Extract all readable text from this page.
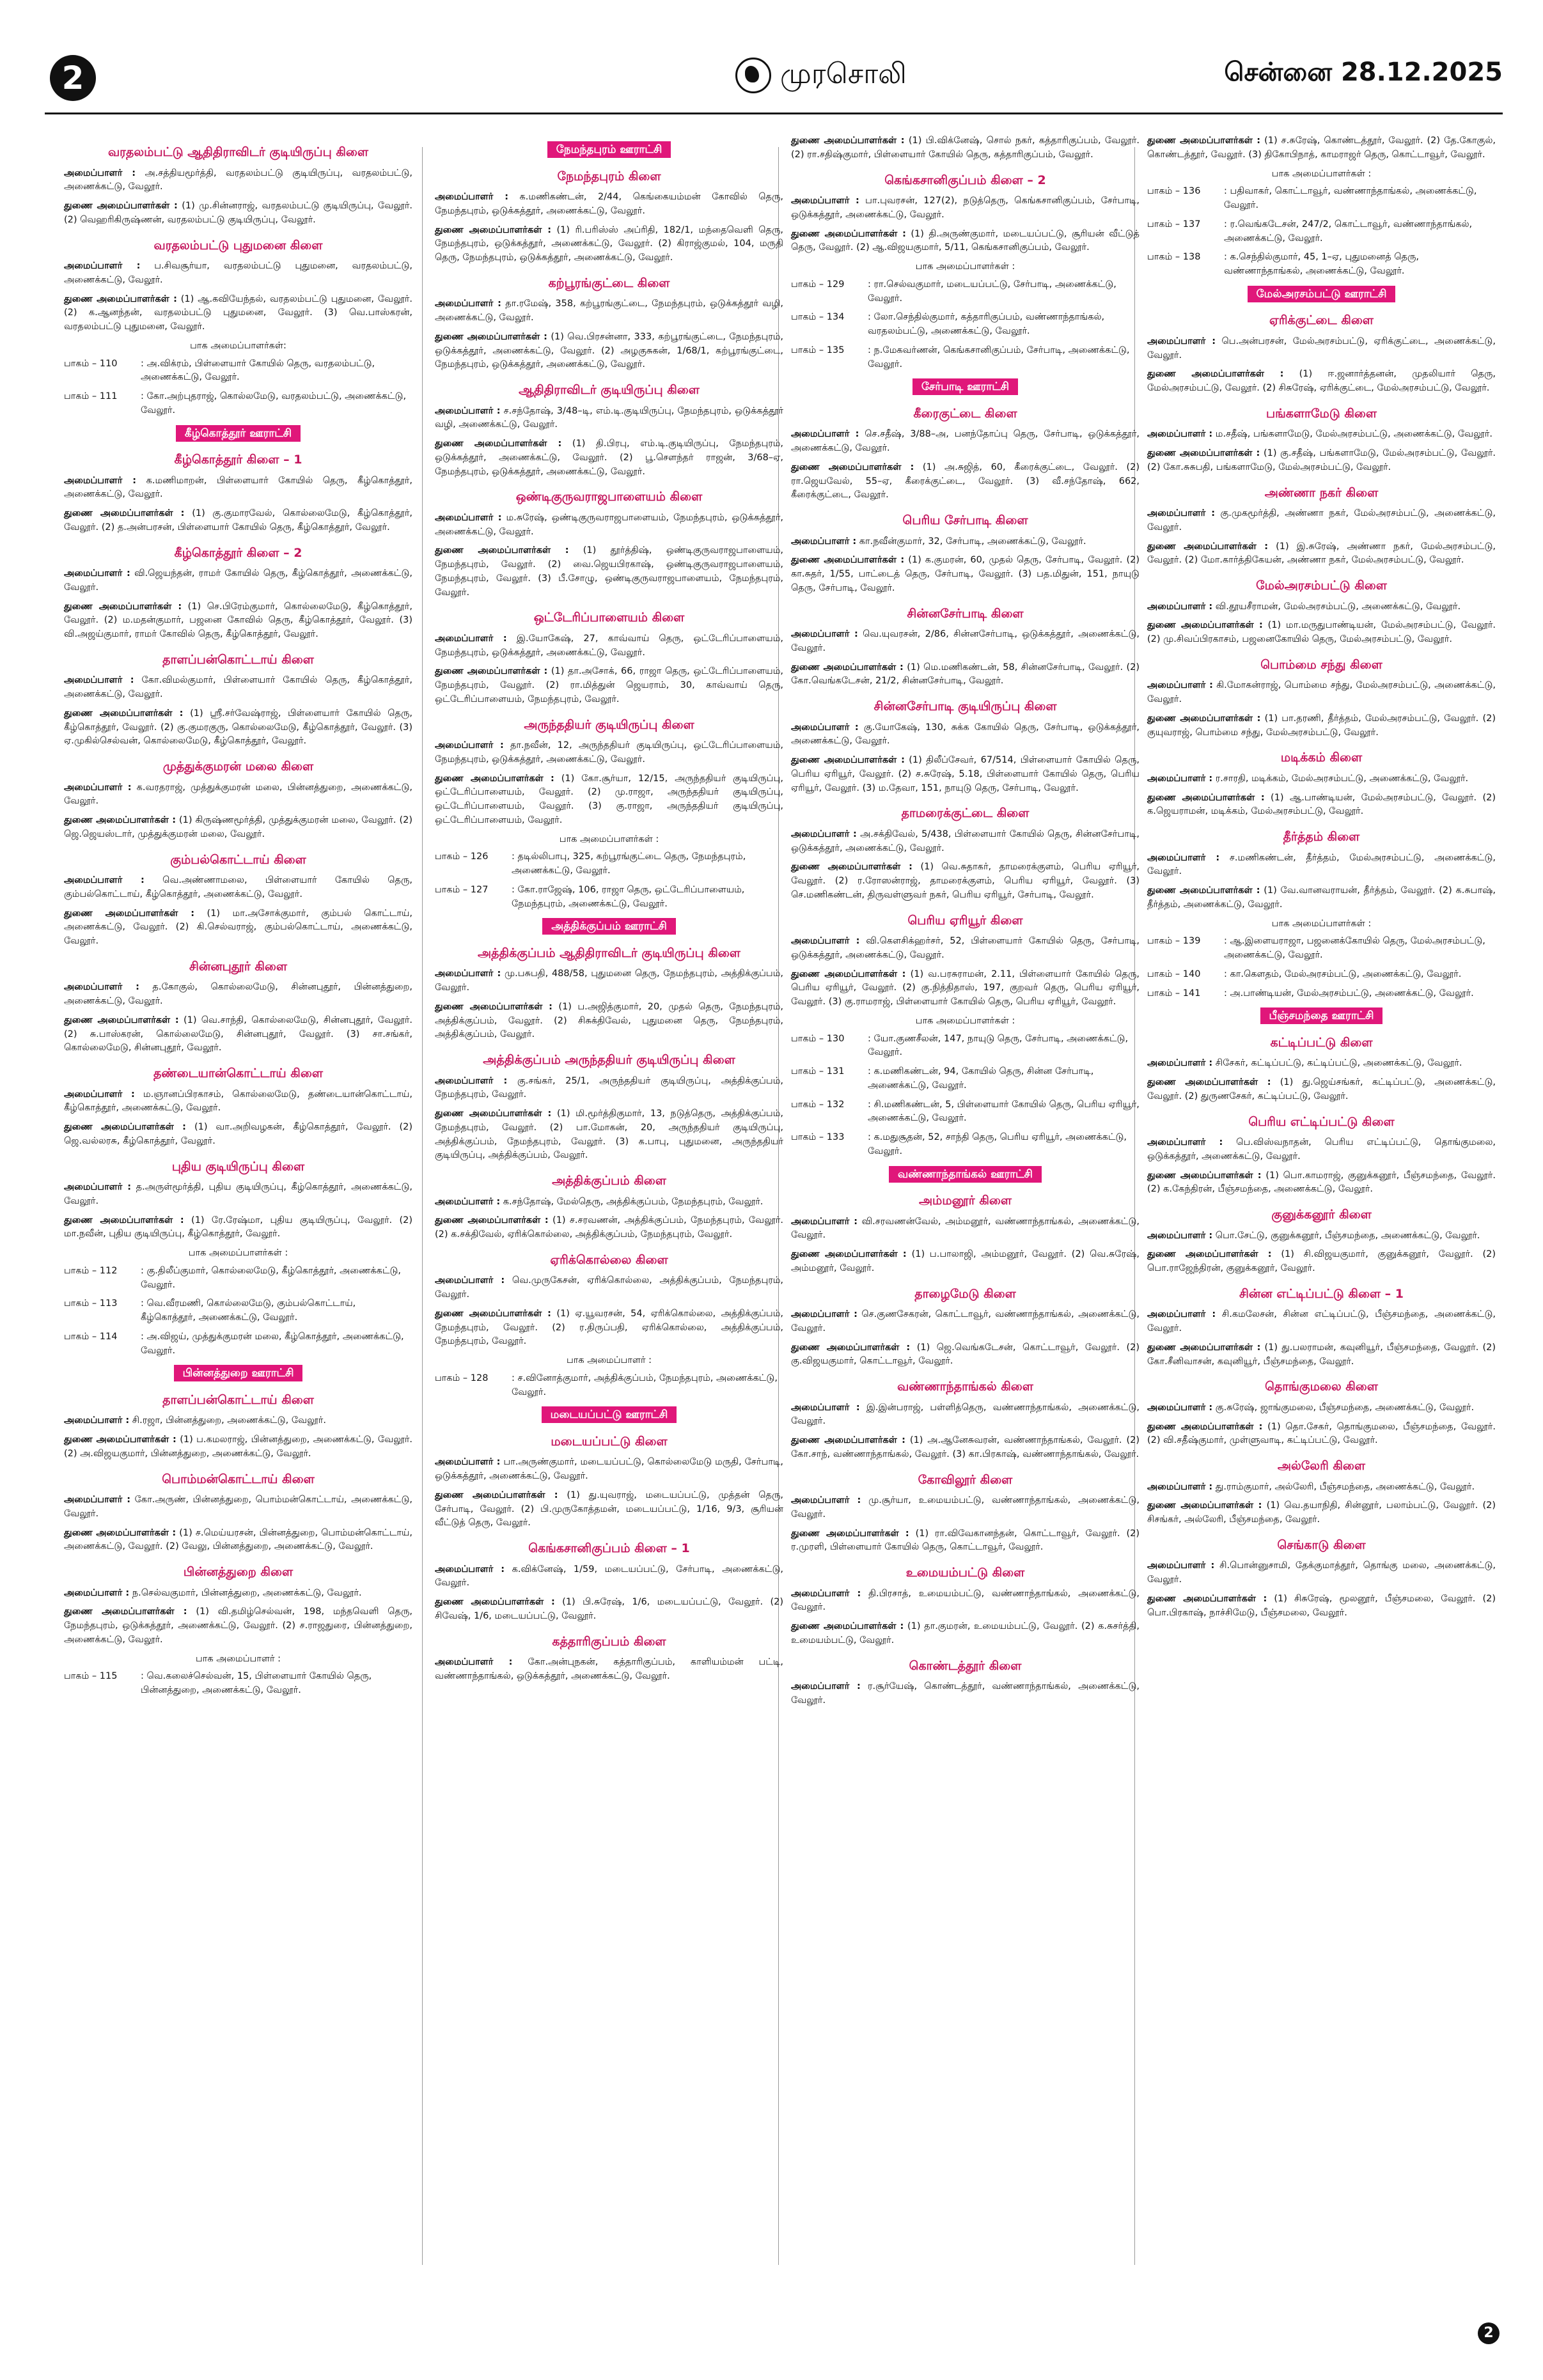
2	முரசொலி	சென்னை 28.12.2025
வரதலம்பட்டு ஆதிதிராவிடர் குடியிருப்பு கிளை
அமைப்பாளர் : அ.சத்தியமூர்த்தி, வரதலம்பட்டு குடியிருப்பு, வரதலம்பட்டு, அணைக்கட்டு, வேலூர்.
துணை அமைப்பாளர்கள் : (1) மு.சின்னராஜ், வரதலம்பட்டு குடியிருப்பு, வேலூர். (2) வெஹரிகிருஷ்ணன், வரதலம்பட்டு குடியிருப்பு, வேலூர்.
வரதலம்பட்டு புதுமனை கிளை
அமைப்பாளர் : ப.சிவசூர்யா, வரதலம்பட்டு புதுமனை, வரதலம்பட்டு, அணைக்கட்டு, வேலூர்.
துணை அமைப்பாளர்கள் : (1) ஆ.கவியேந்தல், வரதலம்பட்டு புதுமனை, வேலூர். (2) க.ஆனந்தன், வரதலம்பட்டு புதுமனை, வேலூர். (3) வெ.பாஸ்கரன், வரதலம்பட்டு புதுமனை, வேலூர்.
பாக அமைப்பாளர்கள்:
பாகம் – 110	: அ.விக்ரம், பிள்ளையார் கோயில் தெரு, வரதலம்பட்டு, அணைக்கட்டு, வேலூர்.
பாகம் – 111	: கோ.அற்புதராஜ், கொல்லமேடு, வரதலம்பட்டு, அணைக்கட்டு, வேலூர்.
கீழ்கொத்தூர் ஊராட்சி
கீழ்கொத்தூர் கிளை – 1
அமைப்பாளர் : க.மணிமாறன், பிள்ளையார் கோயில் தெரு, கீழ்கொத்தூர், அணைக்கட்டு, வேலூர்.
துணை அமைப்பாளர்கள் : (1) கு.குமாரவேல், கொல்லைமேடு, கீழ்கொத்தூர், வேலூர். (2) த.அன்பரசன், பிள்ளையார் கோயில் தெரு, கீழ்கொத்தூர், வேலூர்.
கீழ்கொத்தூர் கிளை – 2
அமைப்பாளர் : வி.ஜெயந்தன், ராமர் கோயில் தெரு, கீழ்கொத்தூர், அணைக்கட்டு, வேலூர்.
துணை அமைப்பாளர்கள் : (1) செ.பிரேம்குமார், கொல்லைமேடு, கீழ்கொத்தூர், வேலூர். (2) ம.மதன்குமார், பஜனை கோவில் தெரு, கீழ்கொத்தூர், வேலூர். (3) வி.அஜய்குமார், ராமர் கோவில் தெரு, கீழ்கொத்தூர், வேலூர்.
தாளப்பன்கொட்டாய் கிளை
அமைப்பாளர் : கோ.விமல்குமார், பிள்ளையார் கோயில் தெரு, கீழ்கொத்தூர், அணைக்கட்டு, வேலூர்.
துணை அமைப்பாளர்கள் : (1) ஸ்ரீ.சர்வேஷ்ராஜ், பிள்ளையார் கோயில் தெரு, கீழ்கொத்தூர், வேலூர். (2) கு.குமரகுரு, கொல்லைமேடு, கீழ்கொத்தூர், வேலூர். (3) ஏ.முகில்செல்வன், கொல்லைமேடு, கீழ்கொத்தூர், வேலூர்.
முத்துக்குமரன் மலை கிளை
அமைப்பாளர் : க.வரதராஜ், முத்துக்குமரன் மலை, பின்னத்துறை, அணைக்கட்டு, வேலூர்.
துணை அமைப்பாளர்கள் : (1) கிருஷ்ணமூர்த்தி, முத்துக்குமரன் மலை, வேலூர். (2) ஜெ.ஜெயஸ்டார், முத்துக்குமரன் மலை, வேலூர்.
கும்பல்கொட்டாய் கிளை
அமைப்பாளர் : வெ.அண்ணாமலை, பிள்ளையார் கோயில் தெரு, கும்பல்கொட்டாய், கீழ்கொத்தூர், அணைக்கட்டு, வேலூர்.
துணை அமைப்பாளர்கள் : (1) மா.அசோக்குமார், கும்பல் கொட்டாய், அணைக்கட்டு, வேலூர். (2) கி.செல்வராஜ், கும்பல்கொட்டாய், அணைக்கட்டு, வேலூர்.
சின்னபுதூர் கிளை
அமைப்பாளர் : த.கோகுல், கொல்லைமேடு, சின்னபுதூர், பின்னத்துறை, அணைக்கட்டு, வேலூர்.
துணை அமைப்பாளர்கள் : (1) வெ.சாந்தி, கொல்லைமேடு, சின்னபுதூர், வேலூர். (2) சு.பாஸ்கரன், கொல்லைமேடு, சின்னபுதூர், வேலூர். (3) சா.சங்கர், கொல்லைமேடு, சின்னபுதூர், வேலூர்.
தண்டையான்கொட்டாய் கிளை
அமைப்பாளர் : ம.ஞானப்பிரகாசம், கொல்லைமேடு, தண்டையான்கொட்டாய், கீழ்கொத்தூர், அணைக்கட்டு, வேலூர்.
துணை அமைப்பாளர்கள் : (1) வா.அறிவழகன், கீழ்கொத்தூர், வேலூர். (2) ஜெ.வல்லரசு, கீழ்கொத்தூர், வேலூர்.
புதிய குடியிருப்பு கிளை
அமைப்பாளர் : த.அருள்மூர்த்தி, புதிய குடியிருப்பு, கீழ்கொத்தூர், அணைக்கட்டு, வேலூர்.
துணை அமைப்பாளர்கள் : (1) ரே.ரேஷ்மா, புதிய குடியிருப்பு, வேலூர். (2) மா.நவீன், புதிய குடியிருப்பு, கீழ்கொத்தூர், வேலூர்.
பாக அமைப்பாளர்கள் :
பாகம் – 112	: கு.திலீப்குமார், கொல்லைமேடு, கீழ்கொத்தூர், அணைக்கட்டு, வேலூர்.
பாகம் – 113	: வெ.வீரமணி, கொல்லைமேடு, கும்பல்கொட்டாய், கீழ்கொத்தூர், அணைக்கட்டு, வேலூர்.
பாகம் – 114	: அ.விஜய், முத்துக்குமரன் மலை, கீழ்கொத்தூர், அணைக்கட்டு, வேலூர்.
பின்னத்துறை ஊராட்சி
தாளப்பன்கொட்டாய் கிளை
அமைப்பாளர் : சி.ரஜா, பின்னத்துறை, அணைக்கட்டு, வேலூர்.
துணை அமைப்பாளர்கள் : (1) ப.கமலராஜ், பின்னத்துறை, அணைக்கட்டு, வேலூர். (2) அ.விஜயகுமார், பின்னத்துறை, அணைக்கட்டு, வேலூர்.
பொம்மன்கொட்டாய் கிளை
அமைப்பாளர் : கோ.அருண், பின்னத்துறை, பொம்மன்கொட்டாய், அணைக்கட்டு, வேலூர்.
துணை அமைப்பாளர்கள் : (1) ச.மெய்யரசன், பின்னத்துறை, பொம்மன்கொட்டாய், அணைக்கட்டு, வேலூர். (2) வேலு, பின்னத்துறை, அணைக்கட்டு, வேலூர்.
பின்னத்துறை கிளை
அமைப்பாளர் : ந.செல்வகுமார், பின்னத்துறை, அணைக்கட்டு, வேலூர்.
துணை அமைப்பாளர்கள் : (1) வி.தமிழ்செல்வன், 198, மந்தவெளி தெரு, நேமந்தபுரம், ஒடுக்கத்தூர், அணைக்கட்டு, வேலூர். (2) ச.ராஜதுரை, பின்னத்துறை, அணைக்கட்டு, வேலூர்.
பாக அமைப்பாளர் :
பாகம் – 115	: வெ.கலைச்செல்வன், 15, பிள்ளையார் கோயில் தெரு, பின்னத்துறை, அணைக்கட்டு, வேலூர்.
நேமந்தபுரம் ஊராட்சி
நேமந்தபுரம் கிளை
அமைப்பாளர் : க.மணிகண்டன், 2/44, கெங்கையம்மன் கோவில் தெரு, நேமந்தபுரம், ஒடுக்கத்தூர், அணைக்கட்டு, வேலூர்.
துணை அமைப்பாளர்கள் : (1) ரி.பரிஸ்ஸ் அப்ரிதி, 182/1, மந்தைவெளி தெரு, நேமந்தபுரம், ஒடுக்கத்தூர், அணைக்கட்டு, வேலூர். (2) கிராஜ்குமல், 104, மருதி தெரு, நேமந்தபுரம், ஒடுக்கத்தூர், அணைக்கட்டு, வேலூர்.
கற்பூரங்குட்டை கிளை
அமைப்பாளர் : தா.ரமேஷ், 358, கற்பூரங்குட்டை, நேமந்தபுரம், ஒடுக்கத்தூர் வழி, அணைக்கட்டு, வேலூர்.
துணை அமைப்பாளர்கள் : (1) வெ.பிரசன்னா, 333, கற்பூரங்குட்டை, நேமந்தபுரம், ஒடுக்கத்தூர், அணைக்கட்டு, வேலூர். (2) அழகுசுகன், 1/68/1, கற்பூரங்குட்டை, நேமந்தபுரம், ஒடுக்கத்தூர், அணைக்கட்டு, வேலூர்.
ஆதிதிராவிடர் குடியிருப்பு கிளை
அமைப்பாளர் : ச.சந்தோஷ், 3/48–டி, எம்.டி.குடியிருப்பு, நேமந்தபுரம், ஒடுக்கத்தூர் வழி, அணைக்கட்டு, வேலூர்.
துணை அமைப்பாளர்கள் : (1) தி.பிரபு, எம்.டி.குடியிருப்பு, நேமந்தபுரம், ஒடுக்கத்தூர், அணைக்கட்டு, வேலூர். (2) பூ.சௌந்தர் ராஜன், 3/68–ஏ, நேமந்தபுரம், ஒடுக்கத்தூர், அணைக்கட்டு, வேலூர்.
ஒண்டிகுருவராஜபாளையம் கிளை
அமைப்பாளர் : ம.சுரேஷ், ஒண்டிகுருவராஜபாளையம், நேமந்தபுரம், ஒடுக்கத்தூர், அணைக்கட்டு, வேலூர்.
துணை அமைப்பாளர்கள் : (1) தூர்த்திஷ், ஒண்டிகுருவராஜபாளையம், நேமந்தபுரம், வேலூர். (2) வை.ஜெயபிரகாஷ், ஒண்டிகுருவராஜபாளையம், நேமந்தபுரம், வேலூர். (3) பீ.சோழு, ஒண்டிகுருவராஜபாளையம், நேமந்தபுரம், வேலூர்.
ஒட்டேரிப்பாளையம் கிளை
அமைப்பாளர் : இ.யோகேஷ், 27, காவ்வாய் தெரு, ஒட்டேரிப்பாளையம், நேமந்தபுரம், ஒடுக்கத்தூர், அணைக்கட்டு, வேலூர்.
துணை அமைப்பாளர்கள் : (1) தா.அசோக், 66, ராஜா தெரு, ஒட்டேரிப்பாளையம், நேமந்தபுரம், வேலூர். (2) ரா.மித்துன் ஜெயராம், 30, காவ்வாய் தெரு, ஒட்டேரிப்பாளையம், நேமந்தபுரம், வேலூர்.
அருந்ததியர் குடியிருப்பு கிளை
அமைப்பாளர் : தா.நவீன், 12, அருந்ததியர் குடியிருப்பு, ஒட்டேரிப்பாளையம், நேமந்தபுரம், ஒடுக்கத்தூர், அணைக்கட்டு, வேலூர்.
துணை அமைப்பாளர்கள் : (1) கோ.சூர்யா, 12/15, அருந்ததியர் குடியிருப்பு, ஒட்டேரிப்பாளையம், வேலூர். (2) மு.ராஜா, அருந்ததியர் குடியிருப்பு, ஒட்டேரிப்பாளையம், வேலூர். (3) கு.ராஜா, அருந்ததியர் குடியிருப்பு, ஒட்டேரிப்பாளையம், வேலூர்.
பாக அமைப்பாளர்கள் :
பாகம் – 126	: தடில்லிபாபு, 325, கற்பூரங்குட்டை தெரு, நேமந்தபுரம், அணைக்கட்டு, வேலூர்.
பாகம் – 127	: கோ.ராஜேஷ், 106, ராஜா தெரு, ஒட்டேரிப்பாளையம், நேமந்தபுரம், அணைக்கட்டு, வேலூர்.
அத்திக்குப்பம் ஊராட்சி
அத்திக்குப்பம் ஆதிதிராவிடர் குடியிருப்பு கிளை
அமைப்பாளர் : மு.பசுபதி, 488/58, புதுமனை தெரு, நேமந்தபுரம், அத்திக்குப்பம், வேலூர்.
துணை அமைப்பாளர்கள் : (1) ப.அஜித்குமார், 20, முதல் தெரு, நேமந்தபுரம், அத்திக்குப்பம், வேலூர். (2) சிசுக்திவேல், புதுமனை தெரு, நேமந்தபுரம், அத்திக்குப்பம், வேலூர்.
அத்திக்குப்பம் அருந்ததியர் குடியிருப்பு கிளை
அமைப்பாளர் : கு.சங்கர், 25/1, அருந்ததியர் குடியிருப்பு, அத்திக்குப்பம், நேமந்தபுரம், வேலூர்.
துணை அமைப்பாளர்கள் : (1) மி.மூர்த்திகுமார், 13, நடுத்தெரு, அத்திக்குப்பம், நேமந்தபுரம், வேலூர். (2) பா.மோகன், 20, அருந்ததியர் குடியிருப்பு, அத்திக்குப்பம், நேமந்தபுரம், வேலூர். (3) க.பாபு, புதுமனை, அருந்ததியர் குடியிருப்பு, அத்திக்குப்பம், வேலூர்.
அத்திக்குப்பம் கிளை
அமைப்பாளர் : க.சந்தோஷ், மேல்தெரு, அத்திக்குப்பம், நேமந்தபுரம், வேலூர்.
துணை அமைப்பாளர்கள் : (1) ச.சரவணன், அத்திக்குப்பம், நேமந்தபுரம், வேலூர். (2) க.சக்திவேல், ஏரிக்கொல்லை, அத்திக்குப்பம், நேமந்தபுரம், வேலூர்.
ஏரிக்கொல்லை கிளை
அமைப்பாளர் : வெ.முருகேசன், ஏரிக்கொல்லை, அத்திக்குப்பம், நேமந்தபுரம், வேலூர்.
துணை அமைப்பாளர்கள் : (1) ஏ.யூவரசன், 54, ஏரிக்கொல்லை, அத்திக்குப்பம், நேமந்தபுரம், வேலூர். (2) ர.திருப்பதி, ஏரிக்கொல்லை, அத்திக்குப்பம், நேமந்தபுரம், வேலூர்.
பாக அமைப்பாளர் :
பாகம் – 128	: ச.வினோத்குமார், அத்திக்குப்பம், நேமந்தபுரம், அணைக்கட்டு, வேலூர்.
மடையப்பட்டு ஊராட்சி
மடையப்பட்டு கிளை
அமைப்பாளர் : பா.அருண்குமார், மடையப்பட்டு, கொல்லைமேடு மருதி, சேர்பாடி, ஒடுக்கத்தூர், அணைக்கட்டு, வேலூர்.
துணை அமைப்பாளர்கள் : (1) து.யுவராஜ், மடையப்பட்டு, முத்தன் தெரு, சேர்பாடி, வேலூர். (2) பி.முருகோத்தமன், மடையப்பட்டு, 1/16, 9/3, சூரியன் வீட்டுத் தெரு, வேலூர்.
கெங்கசானிகுப்பம் கிளை – 1
அமைப்பாளர் : க.விக்னேஷ், 1/59, மடையப்பட்டு, சேர்பாடி, அணைக்கட்டு, வேலூர்.
துணை அமைப்பாளர்கள் : (1) பி.சுரேஷ், 1/6, மடையப்பட்டு, வேலூர். (2) சிவேஷ், 1/6, மடையப்பட்டு, வேலூர்.
கத்தாரிகுப்பம் கிளை
அமைப்பாளர் : கோ.அன்புநகன், கத்தாரிகுப்பம், காளியம்மன் பட்டி, வண்ணாந்தாங்கல், ஒடுக்கத்தூர், அணைக்கட்டு, வேலூர்.
துணை அமைப்பாளர்கள் : (1) பி.விக்னேஷ், சொல் நகர், கத்தாரிகுப்பம், வேலூர். (2) ரா.சதிஷ்குமார், பிள்ளையார் கோயில் தெரு, கத்தாரிகுப்பம், வேலூர்.
கெங்கசானிகுப்பம் கிளை – 2
அமைப்பாளர் : பா.புவரசன், 127(2), நடுத்தெரு, கெங்கசானிகுப்பம், சேர்பாடி, ஒடுக்கத்தூர், அணைக்கட்டு, வேலூர்.
துணை அமைப்பாளர்கள் : (1) தி.அருண்குமார், மடையப்பட்டு, சூரியன் வீட்டுத் தெரு, வேலூர். (2) ஆ.விஜயகுமார், 5/11, கெங்கசானிகுப்பம், வேலூர்.
பாக அமைப்பாளர்கள் :
பாகம் – 129	: ரா.செல்வகுமார், மடையப்பட்டு, சேர்பாடி, அணைக்கட்டு, வேலூர்.
பாகம் – 134	: லோ.செந்தில்குமார், கத்தாரிகுப்பம், வண்ணாந்தாங்கல், வரதலம்பட்டு, அணைக்கட்டு, வேலூர்.
பாகம் – 135	: ந.மேகவர்ணன், கெங்கசானிகுப்பம், சேர்பாடி, அணைக்கட்டு, வேலூர்.
சேர்பாடி ஊராட்சி
கீரைகுட்டை கிளை
அமைப்பாளர் : செ.சதீஷ், 3/88–அ, பனந்தோப்பு தெரு, சேர்பாடி, ஒடுக்கத்தூர், அணைக்கட்டு, வேலூர்.
துணை அமைப்பாளர்கள் : (1) அ.சுஜித், 60, கீரைக்குட்டை, வேலூர். (2) ரா.ஜெயவேல், 55–ஏ, கீரைக்குட்டை, வேலூர். (3) வீ.சந்தோஷ், 662, கீரைக்குட்டை, வேலூர்.
பெரிய சேர்பாடி கிளை
அமைப்பாளர் : கா.நவீன்குமார், 32, சேர்பாடி, அணைக்கட்டு, வேலூர்.
துணை அமைப்பாளர்கள் : (1) க.குமரன், 60, முதல் தெரு, சேர்பாடி, வேலூர். (2) கா.சுதர், 1/55, பாட்டைத் தெரு, சேர்பாடி, வேலூர். (3) பத.மிதுன், 151, நாயுடு தெரு, சேர்பாடி, வேலூர்.
சின்னசேர்பாடி கிளை
அமைப்பாளர் : வெ.யுவரசன், 2/86, சின்னசேர்பாடி, ஒடுக்கத்தூர், அணைக்கட்டு, வேலூர்.
துணை அமைப்பாளர்கள் : (1) மெ.மணிகண்டன், 58, சின்னசேர்பாடி, வேலூர். (2) கோ.வெங்கடேசன், 21/2, சின்னசேர்பாடி, வேலூர்.
சின்னசேர்பாடி குடியிருப்பு கிளை
அமைப்பாளர் : கு.யோகேஷ், 130, சுக்க கோயில் தெரு, சேர்பாடி, ஒடுக்கத்தூர், அணைக்கட்டு, வேலூர்.
துணை அமைப்பாளர்கள் : (1) திலீப்சேவர், 67/514, பிள்ளையார் கோயில் தெரு, பெரிய ஏரியூர், வேலூர். (2) ச.சுரேஷ், 5.18, பிள்ளையார் கோயில் தெரு, பெரிய ஏரியூர், வேலூர். (3) ம.தேவா, 151, நாயுடு தெரு, சேர்பாடி, வேலூர்.
தாமரைக்குட்டை கிளை
அமைப்பாளர் : அ.சக்திவேல், 5/438, பிள்ளையார் கோயில் தெரு, சின்னசேர்பாடி, ஒடுக்கத்தூர், அணைக்கட்டு, வேலூர்.
துணை அமைப்பாளர்கள் : (1) வெ.சுதாகர், தாமரைக்குளம், பெரிய ஏரியூர், வேலூர். (2) ர.ரோஸன்ராஜ், தாமரைக்குளம், பெரிய ஏரியூர், வேலூர். (3) செ.மணிகண்டன், திருவள்ளுவர் நகர், பெரிய ஏரியூர், சேர்பாடி, வேலூர்.
பெரிய ஏரியூர் கிளை
அமைப்பாளர் : வி.கௌசிக்ஹர்சர், 52, பிள்ளையார் கோயில் தெரு, சேர்பாடி, ஒடுக்கத்தூர், அணைக்கட்டு, வேலூர்.
துணை அமைப்பாளர்கள் : (1) வ.பரசுராமன், 2.11, பிள்ளையார் கோயில் தெரு, பெரிய ஏரியூர், வேலூர். (2) கு.நித்திதாஸ், 197, குறவர் தெரு, பெரிய ஏரியூர், வேலூர். (3) கு.ராமராஜ், பிள்ளையார் கோயில் தெரு, பெரிய ஏரியூர், வேலூர்.
பாக அமைப்பாளர்கள் :
பாகம் – 130	: யோ.குணசீலன், 147, நாயுடு தெரு, சேர்பாடி, அணைக்கட்டு, வேலூர்.
பாகம் – 131	: க.மணிகண்டன், 94, கோயில் தெரு, சின்ன சேர்பாடி, அணைக்கட்டு, வேலூர்.
பாகம் – 132	: சி.மணிகண்டன், 5, பிள்ளையார் கோயில் தெரு, பெரிய ஏரியூர், அணைக்கட்டு, வேலூர்.
பாகம் – 133	: க.மதுசூதன், 52, சாந்தி தெரு, பெரிய ஏரியூர், அணைக்கட்டு, வேலூர்.
வண்ணாந்தாங்கல் ஊராட்சி
அம்மனூர் கிளை
அமைப்பாளர் : வி.சரவணன்வேல், அம்மனூர், வண்ணாந்தாங்கல், அணைக்கட்டு, வேலூர்.
துணை அமைப்பாளர்கள் : (1) ப.பாலாஜி, அம்மனூர், வேலூர். (2) வெ.சுரேஷ், அம்மனூர், வேலூர்.
தாழைமேடு கிளை
அமைப்பாளர் : செ.குணசேகரன், கொட்டாவூர், வண்ணாந்தாங்கல், அணைக்கட்டு, வேலூர்.
துணை அமைப்பாளர்கள் : (1) ஜெ.வெங்கடேசன், கொட்டாவூர், வேலூர். (2) கு.விஜயகுமார், கொட்டாவூர், வேலூர்.
வண்ணாந்தாங்கல் கிளை
அமைப்பாளர் : இ.இன்பராஜ், பள்ளித்தெரு, வண்ணாந்தாங்கல், அணைக்கட்டு, வேலூர்.
துணை அமைப்பாளர்கள் : (1) அ.ஆனேசுவரன், வண்ணாந்தாங்கல், வேலூர். (2) கோ.சாந், வண்ணாந்தாங்கல், வேலூர். (3) கா.பிரகாஷ், வண்ணாந்தாங்கல், வேலூர்.
கோவிலூர் கிளை
அமைப்பாளர் : மு.சூர்யா, உமையம்பட்டு, வண்ணாந்தாங்கல், அணைக்கட்டு, வேலூர்.
துணை அமைப்பாளர்கள் : (1) ரா.விவேகானந்தன், கொட்டாவூர், வேலூர். (2) ர.முரளி, பிள்ளையார் கோயில் தெரு, கொட்டாவூர், வேலூர்.
உமையம்பட்டு கிளை
அமைப்பாளர் : தி.பிரசாத், உமையம்பட்டு, வண்ணாந்தாங்கல், அணைக்கட்டு, வேலூர்.
துணை அமைப்பாளர்கள் : (1) தா.குமரன், உமையம்பட்டு, வேலூர். (2) க.சுசர்த்தி, உமையம்பட்டு, வேலூர்.
கொண்டத்தூர் கிளை
அமைப்பாளர் : ர.சூர்யேஷ், கொண்டத்தூர், வண்ணாந்தாங்கல், அணைக்கட்டு, வேலூர்.
துணை அமைப்பாளர்கள் : (1) ச.சுரேஷ், கொண்டத்தூர், வேலூர். (2) தே.கோகுல், கொண்டத்தூர், வேலூர். (3) திகோபிநாத், காமராஜர் தெரு, கொட்டாவூர், வேலூர்.
பாக அமைப்பாளர்கள் :
பாகம் – 136	: பதிவாகர், கொட்டாவூர், வண்ணாந்தாங்கல், அணைக்கட்டு, வேலூர்.
பாகம் – 137	: ர.வெங்கடேசன், 247/2, கொட்டாவூர், வண்ணாந்தாங்கல், அணைக்கட்டு, வேலூர்.
பாகம் – 138	: க.செந்தில்குமார், 45, 1–ஏ, புதுமனைத் தெரு, வண்ணாந்தாங்கல், அணைக்கட்டு, வேலூர்.
மேல்அரசம்பட்டு ஊராட்சி
ஏரிக்குட்டை கிளை
அமைப்பாளர் : பெ.அன்பரசன், மேல்அரசம்பட்டு, ஏரிக்குட்டை, அணைக்கட்டு, வேலூர்.
துணை அமைப்பாளர்கள் : (1) ஈ.ஜனார்த்தனன், முதலியார் தெரு, மேல்அரசம்பட்டு, வேலூர். (2) சிசுரேஷ், ஏரிக்குட்டை, மேல்அரசம்பட்டு, வேலூர்.
பங்களாமேடு கிளை
அமைப்பாளர் : ம.சதீஷ், பங்களாமேடு, மேல்அரசம்பட்டு, அணைக்கட்டு, வேலூர்.
துணை அமைப்பாளர்கள் : (1) கு.சதீஷ், பங்களாமேடு, மேல்அரசம்பட்டு, வேலூர். (2) கோ.சுசுபதி, பங்களாமேடு, மேல்அரசம்பட்டு, வேலூர்.
அண்ணா நகர் கிளை
அமைப்பாளர் : கு.முகமூர்த்தி, அண்ணா நகர், மேல்அரசம்பட்டு, அணைக்கட்டு, வேலூர்.
துணை அமைப்பாளர்கள் : (1) இ.சுரேஷ், அண்ணா நகர், மேல்அரசம்பட்டு, வேலூர். (2) மோ.கார்த்திகேயன், அண்ணா நகர், மேல்அரசம்பட்டு, வேலூர்.
மேல்அரசம்பட்டு கிளை
அமைப்பாளர் : வி.தூயசீராமன், மேல்அரசம்பட்டு, அணைக்கட்டு, வேலூர்.
துணை அமைப்பாளர்கள் : (1) மா.மருதுபாண்டியன், மேல்அரசம்பட்டு, வேலூர். (2) மு.சிவப்பிரகாசம், பஜனைகோயில் தெரு, மேல்அரசம்பட்டு, வேலூர்.
பொம்மை சந்து கிளை
அமைப்பாளர் : கி.மோகன்ராஜ், பொம்மை சந்து, மேல்அரசம்பட்டு, அணைக்கட்டு, வேலூர்.
துணை அமைப்பாளர்கள் : (1) பா.தரணி, தீர்த்தம், மேல்அரசம்பட்டு, வேலூர். (2) குயுவராஜ், பொம்மை சந்து, மேல்அரசம்பட்டு, வேலூர்.
மடிக்கம் கிளை
அமைப்பாளர் : ர.சாரதி, மடிக்கம், மேல்அரசம்பட்டு, அணைக்கட்டு, வேலூர்.
துணை அமைப்பாளர்கள் : (1) ஆ.பாண்டியன், மேல்அரசம்பட்டு, வேலூர். (2) க.ஜெயராமன், மடிக்கம், மேல்அரசம்பட்டு, வேலூர்.
தீர்த்தம் கிளை
அமைப்பாளர் : ச.மணிகண்டன், தீர்த்தம், மேல்அரசம்பட்டு, அணைக்கட்டு, வேலூர்.
துணை அமைப்பாளர்கள் : (1) வே.வானவராயன், தீர்த்தம், வேலூர். (2) க.சுபாஷ், தீர்த்தம், அணைக்கட்டு, வேலூர்.
பாக அமைப்பாளர்கள் :
பாகம் – 139	: ஆ.இளையராஜா, பஜனைக்கோயில் தெரு, மேல்அரசம்பட்டு, அணைக்கட்டு, வேலூர்.
பாகம் – 140	: கா.கௌதம், மேல்அரசம்பட்டு, அணைக்கட்டு, வேலூர்.
பாகம் – 141	: அ.பாண்டியன், மேல்அரசம்பட்டு, அணைக்கட்டு, வேலூர்.
பீஞ்சமந்தை ஊராட்சி
கட்டிப்பட்டு கிளை
அமைப்பாளர் : சிசேகர், கட்டிப்பட்டு, கட்டிப்பட்டு, அணைக்கட்டு, வேலூர்.
துணை அமைப்பாளர்கள் : (1) து.ஜெய்சங்கர், கட்டிப்பட்டு, அணைக்கட்டு, வேலூர். (2) துருணசேகர், கட்டிப்பட்டு, வேலூர்.
பெரிய எட்டிப்பட்டு கிளை
அமைப்பாளர் : பெ.விஸ்வநாதன், பெரிய எட்டிப்பட்டு, தொங்குமலை, ஒடுக்கத்தூர், அணைக்கட்டு, வேலூர்.
துணை அமைப்பாளர்கள் : (1) பொ.காமராஜ், குனுக்கனூர், பீஞ்சமந்தை, வேலூர். (2) க.கேந்திரன், பீஞ்சமந்தை, அணைக்கட்டு, வேலூர்.
குனுக்கனூர் கிளை
அமைப்பாளர் : பொ.சேட்டு, குனுக்கனூர், பீஞ்சமந்தை, அணைக்கட்டு, வேலூர்.
துணை அமைப்பாளர்கள் : (1) சி.விஜயகுமார், குனுக்கனூர், வேலூர். (2) பொ.ராஜேந்திரன், குனுக்கனூர், வேலூர்.
சின்ன எட்டிப்பட்டு கிளை – 1
அமைப்பாளர் : சி.கமலேசன், சின்ன எட்டிப்பட்டு, பீஞ்சமந்தை, அணைக்கட்டு, வேலூர்.
துணை அமைப்பாளர்கள் : (1) து.பலராமன், கவுனியூர், பீஞ்சமந்தை, வேலூர். (2) கோ.சீனிவாசன், கவுனியூர், பீஞ்சமந்தை, வேலூர்.
தொங்குமலை கிளை
அமைப்பாளர் : கு.சுரேஷ், ஜாங்குமலை, பீஞ்சமந்தை, அணைக்கட்டு, வேலூர்.
துணை அமைப்பாளர்கள் : (1) தொ.சேகர், தொங்குமலை, பீஞ்சமந்தை, வேலூர். (2) வி.சதீஷ்குமார், முள்ளுவாடி, கட்டிப்பட்டு, வேலூர்.
அல்லேரி கிளை
அமைப்பாளர் : து.ராம்குமார், அல்லேரி, பீஞ்சமந்தை, அணைக்கட்டு, வேலூர்.
துணை அமைப்பாளர்கள் : (1) வெ.தயாநிதி, சின்னூர், பலாம்பட்டு, வேலூர். (2) சிசங்கர், அல்லேரி, பீஞ்சமந்தை, வேலூர்.
செங்காடு கிளை
அமைப்பாளர் : சி.பொன்னுசாமி, தேக்குமாத்தூர், தொங்கு மலை, அணைக்கட்டு, வேலூர்.
துணை அமைப்பாளர்கள் : (1) சிசுரேஷ், மூலனூர், பீஞ்சமலை, வேலூர். (2) பொ.பிரகாஷ், நாச்சிமேடு, பீஞ்சமலை, வேலூர்.
2
